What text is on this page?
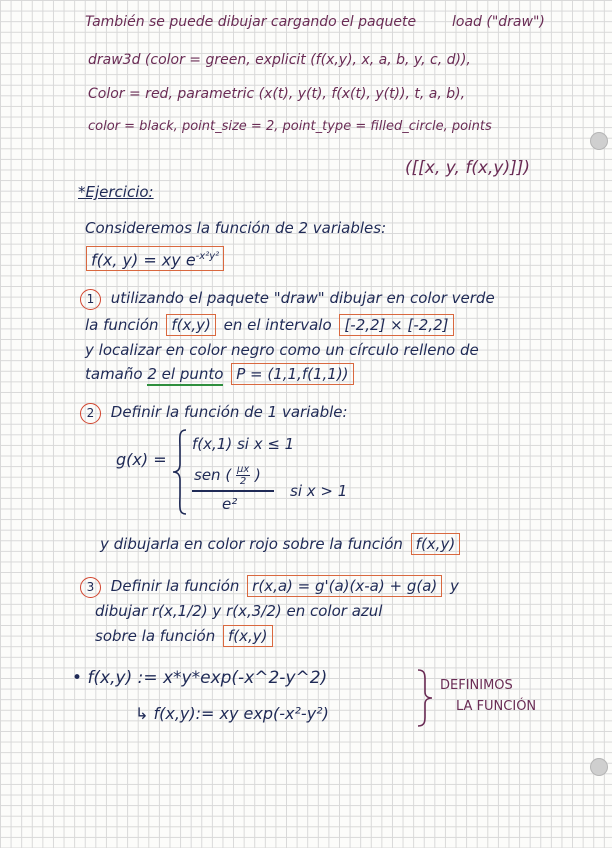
También se puede dibujar cargando el paquete	load ("draw")
draw3d (color = green, explicit (f(x,y), x, a, b, y, c, d)),
Color = red, parametric (x(t), y(t), f(x(t), y(t)), t, a, b),
color = black, point_size = 2, point_type = filled_circle, points
([[x, y, f(x,y)]])
*Ejercicio:
Consideremos la función de 2 variables:
f(x, y) = xy $e^{-x^2y^2}$
1 utilizando el paquete "draw" dibujar en color verde
la función f(x,y) en el intervalo [-2,2] × [-2,2]
y localizar en color negro como un círculo relleno de
tamaño 2 el punto P = (1,1,f(1,1))
2 Definir la función de 1 variable:
g(x) =
f(x,1) si x ≤ 1
sen ( $\frac{\mu x}{2}$ )
e²
si x > 1
y dibujarla en color rojo sobre la función f(x,y)
3 Definir la función r(x,a) = g'(a)(x-a) + g(a) y
dibujar r(x,1/2) y r(x,3/2) en color azul
sobre la función f(x,y)
• f(x,y) := x*y*exp(-x^2-y^2)
↳ f(x,y):= xy exp(-x²-y²)
DEFINIMOS
LA FUNCIÓN
